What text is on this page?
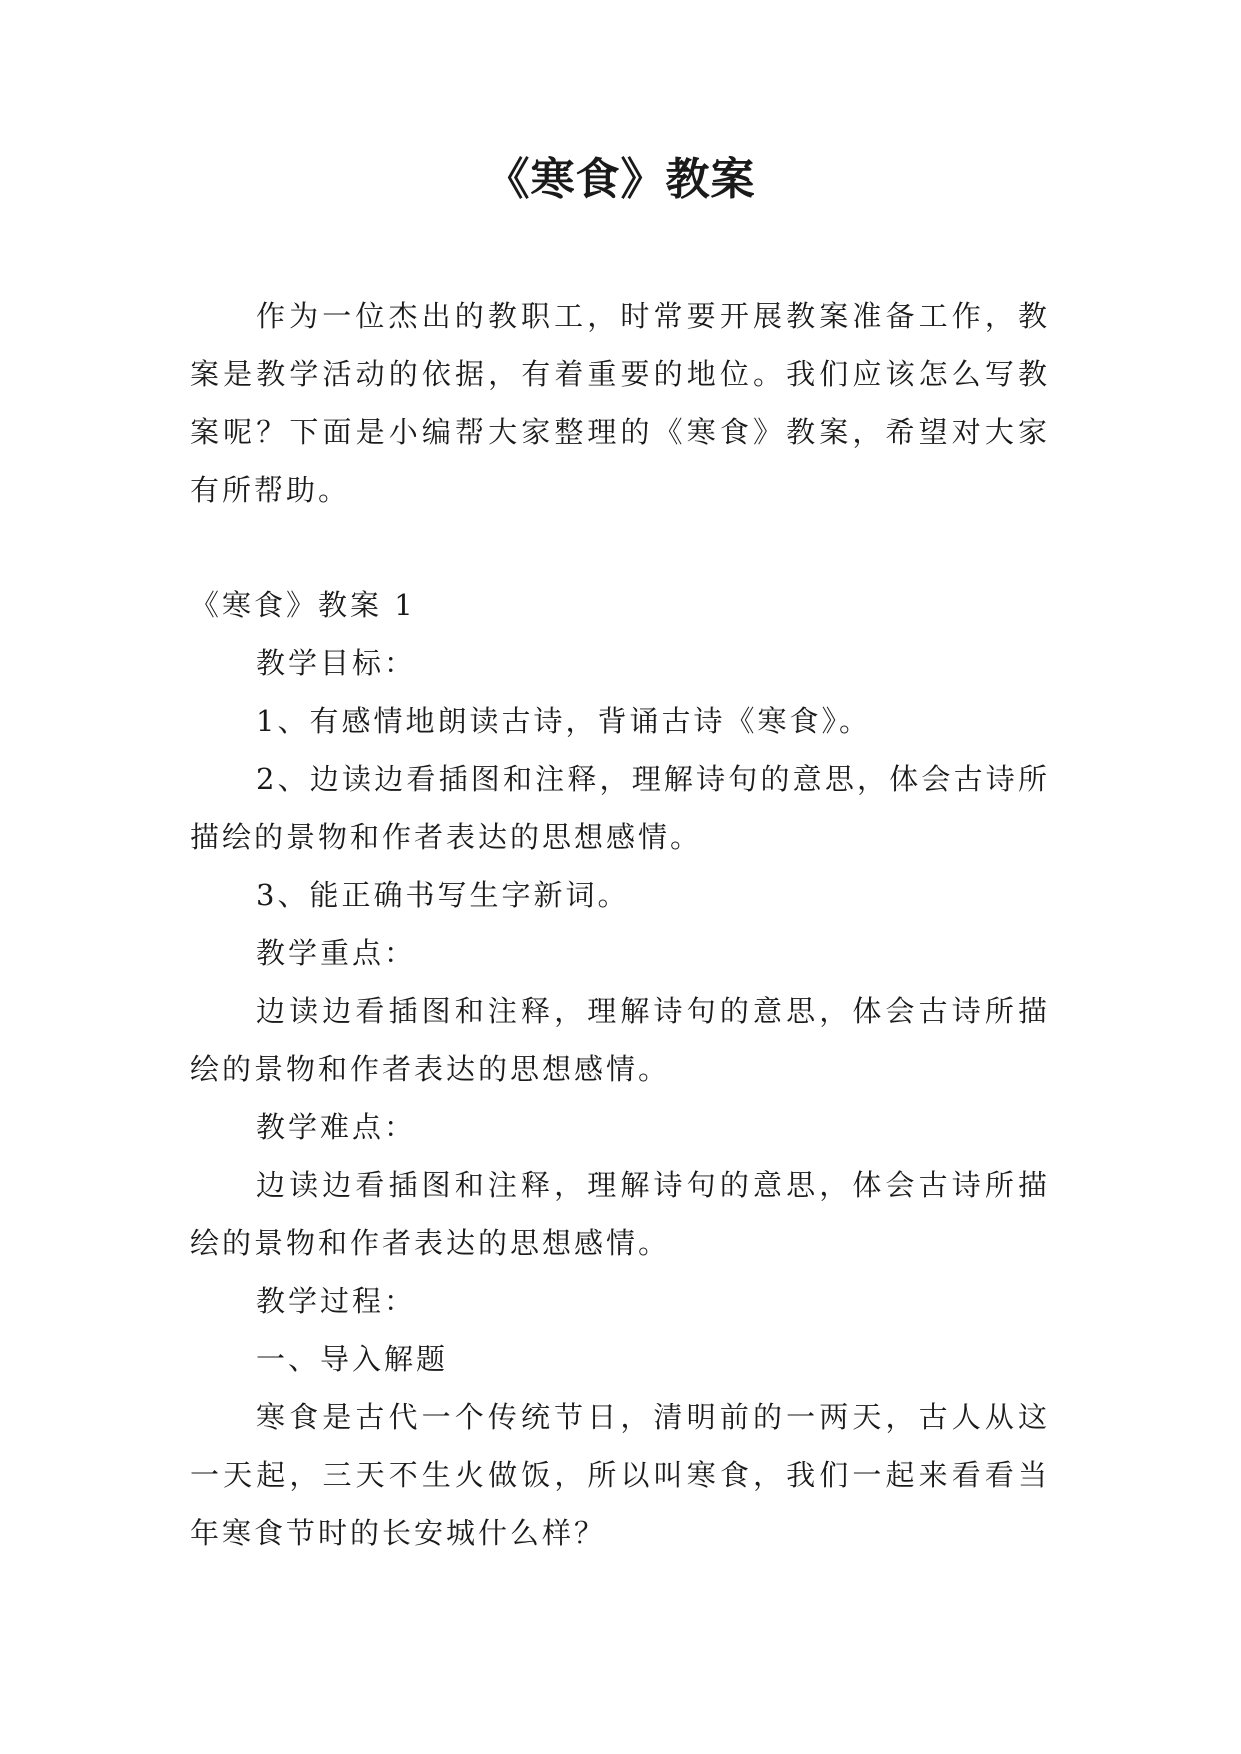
《寒食》教案

作为一位杰出的教职工，时常要开展教案准备工作，教案是教学活动的依据，有着重要的地位。我们应该怎么写教案呢？下面是小编帮大家整理的《寒食》教案，希望对大家有所帮助。

《寒食》教案 1

教学目标：

1、有感情地朗读古诗，背诵古诗《寒食》。

2、边读边看插图和注释，理解诗句的意思，体会古诗所描绘的景物和作者表达的思想感情。

3、能正确书写生字新词。

教学重点：

边读边看插图和注释，理解诗句的意思，体会古诗所描绘的景物和作者表达的思想感情。

教学难点：

边读边看插图和注释，理解诗句的意思，体会古诗所描绘的景物和作者表达的思想感情。

教学过程：

一、导入解题

寒食是古代一个传统节日，清明前的一两天，古人从这一天起，三天不生火做饭，所以叫寒食，我们一起来看看当年寒食节时的长安城什么样？
